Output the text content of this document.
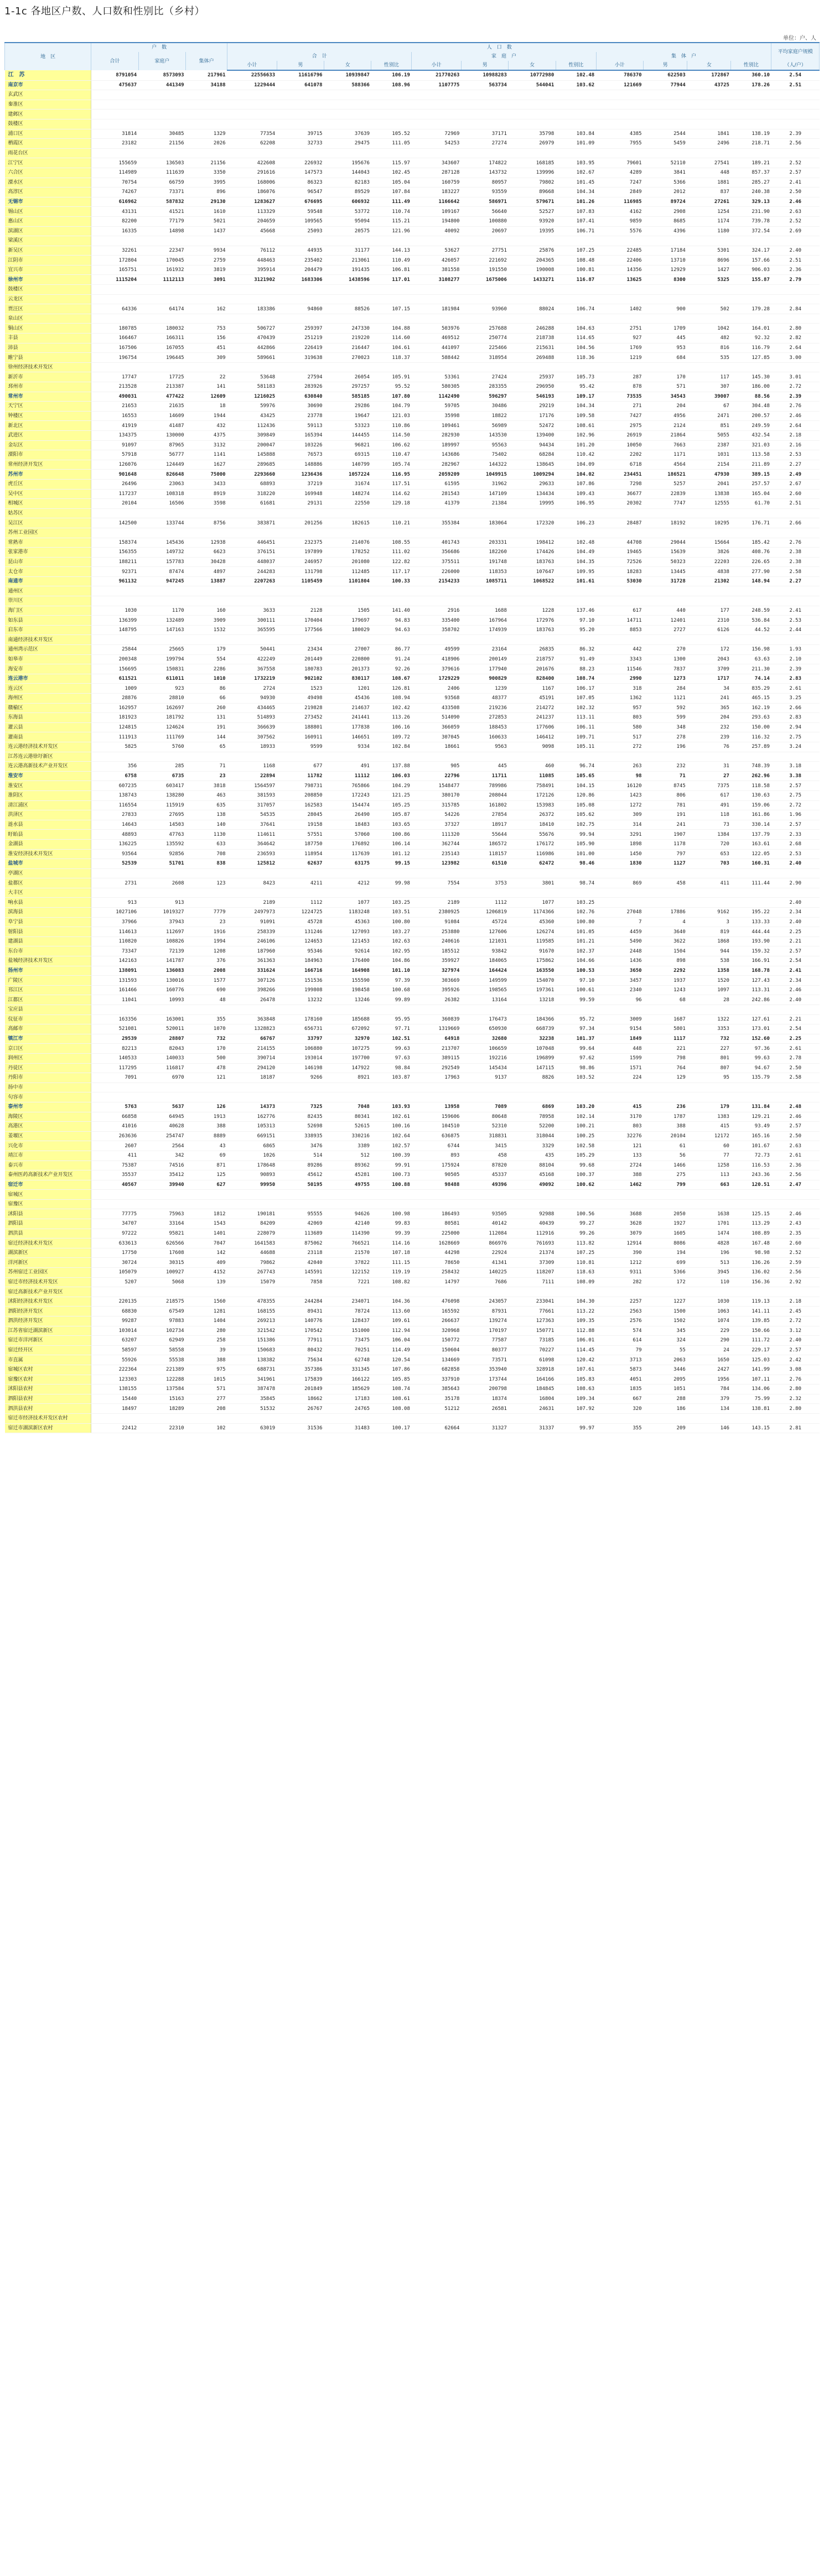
1-1c 各地区户数、人口数和性别比（乡村）
单位：户、人
地　区	户　数			人　口　数												平均家庭户规模
	合计	家庭户	集体户	合　计				家　庭　户				集　体　户				
				小计	男	女	性别比	小计	男	女	性别比	小计	男	女	性别比	（人/户）
江　苏	8791054	8573093	217961	22556633	11616796	10939847	106.19	21770263	10988283	10772980	102.48	786370	622503	172867	360.10	2.54
南京市	475637	441349	34188	1229444	641078	588366	108.96	1107775	563734	544041	103.62	121669	77944	43725	178.26	2.51
玄武区																
秦淮区																
建邺区																
鼓楼区																
浦口区	31814	30485	1329	77354	39715	37639	105.52	72969	37171	35798	103.84	4385	2544	1841	138.19	2.39
栖霞区	23182	21156	2026	62208	32733	29475	111.05	54253	27274	26979	101.09	7955	5459	2496	218.71	2.56
雨花台区																
江宁区	155659	136503	21156	422608	226932	195676	115.97	343607	174822	168185	103.95	79601	52110	27541	189.21	2.52
六合区	114989	111639	3350	291616	147573	144043	102.45	287128	143732	139996	102.67	4289	3841	448	857.37	2.57
溧水区	70754	66759	3995	168006	86323	82183	105.04	160759	80957	79802	101.45	7247	5366	1881	285.27	2.41
高淳区	74267	73371	896	186076	96547	89529	107.84	183227	93559	89668	104.34	2849	2012	837	240.38	2.50
无锡市	616962	587832	29130	1283627	676695	606932	111.49	1166642	586971	579671	101.26	116985	89724	27261	329.13	2.46
锡山区	43131	41521	1610	113329	59548	53772	110.74	109167	56640	52527	107.83	4162	2908	1254	231.90	2.63
惠山区	82200	77179	5021	204659	109565	95094	115.21	194800	100880	93920	107.41	9859	8685	1174	739.78	2.52
滨湖区	16335	14898	1437	45668	25093	20575	121.96	40092	20697	19395	106.71	5576	4396	1180	372.54	2.69
梁溪区																
新吴区	32261	22347	9934	76112	44935	31177	144.13	53627	27751	25876	107.25	22485	17184	5301	324.17	2.40
江阴市	172804	170045	2759	448463	235402	213061	110.49	426057	221692	204365	108.48	22406	13710	8696	157.66	2.51
宜兴市	165751	161932	3819	395914	204479	191435	106.81	381558	191550	190008	100.81	14356	12929	1427	906.03	2.36
徐州市	1115204	1112113	3091	3121902	1683306	1438596	117.01	3108277	1675006	1433271	116.87	13625	8300	5325	155.87	2.79
鼓楼区																
云龙区																
贾汪区	64336	64174	162	183386	94860	88526	107.15	181984	93960	88024	106.74	1402	900	502	179.28	2.84
泉山区																
铜山区	180785	180032	753	506727	259397	247330	104.88	503976	257688	246288	104.63	2751	1709	1042	164.01	2.80
丰县	166467	166311	156	470439	251219	219220	114.60	469512	250774	218738	114.65	927	445	482	92.32	2.82
沛县	167506	167055	451	442866	226419	216447	104.61	441097	225466	215631	104.56	1769	953	816	116.79	2.64
睢宁县	196754	196445	309	589661	319638	270023	118.37	588442	318954	269488	118.36	1219	684	535	127.85	3.00
徐州经济技术开发区																
新沂市	17747	17725	22	53648	27594	26054	105.91	53361	27424	25937	105.73	287	170	117	145.30	3.01
邳州市	213528	213387	141	581183	283926	297257	95.52	580305	283355	296950	95.42	878	571	307	186.00	2.72
常州市	490031	477422	12609	1216025	630840	585185	107.80	1142490	596297	546193	109.17	73535	34543	39007	88.56	2.39
天宁区	21653	21635	18	59976	30690	29286	104.79	59705	30486	29219	104.34	271	204	67	304.48	2.76
钟楼区	16553	14609	1944	43425	23778	19647	121.03	35998	18822	17176	109.58	7427	4956	2471	200.57	2.46
新北区	41919	41487	432	112436	59113	53323	110.86	109461	56989	52472	108.61	2975	2124	851	249.59	2.64
武进区	134375	130000	4375	309849	165394	144455	114.50	282930	143530	139400	102.96	26919	21864	5055	432.54	2.18
金坛区	91097	87965	3132	200047	103226	96821	106.62	189997	95563	94434	101.20	10050	7663	2387	321.03	2.16
溧阳市	57918	56777	1141	145888	76573	69315	110.47	143686	75402	68284	110.42	2202	1171	1031	113.58	2.53
常州经济开发区	126076	124449	1627	289685	148886	140799	105.74	282967	144322	138645	104.09	6718	4564	2154	211.89	2.27
苏州市	901648	826648	75000	2293660	1236436	1057224	116.95	2059209	1049915	1009294	104.02	234451	186521	47930	389.15	2.49
虎丘区	26496	23063	3433	68893	37219	31674	117.51	61595	31962	29633	107.86	7298	5257	2041	257.57	2.67
吴中区	117237	108318	8919	318220	169948	148274	114.62	281543	147109	134434	109.43	36677	22839	13838	165.04	2.60
相城区	20104	16506	3598	61681	29131	22550	129.18	41379	21384	19995	106.95	20302	7747	12555	61.70	2.51
姑苏区																
吴江区	142500	133744	8756	383871	201256	182615	110.21	355384	183064	172320	106.23	28487	18192	10295	176.71	2.66
苏州工业园区																
常熟市	158374	145436	12938	446451	232375	214076	108.55	401743	203331	198412	102.48	44708	29044	15664	185.42	2.76
张家港市	156355	149732	6623	376151	197899	178252	111.02	356686	182260	174426	104.49	19465	15639	3826	408.76	2.38
昆山市	188211	157783	30428	448037	246957	201080	122.82	375511	191748	183763	104.35	72526	50323	22203	226.65	2.38
太仓市	92371	87474	4897	244283	131798	112485	117.17	226000	118353	107647	109.95	18283	13445	4838	277.90	2.58
南通市	961132	947245	13887	2207263	1105459	1101804	100.33	2154233	1085711	1068522	101.61	53030	31728	21302	148.94	2.27
通州区																
崇川区																
海门区	1030	1170	160	3633	2128	1505	141.40	2916	1688	1228	137.46	617	440	177	248.59	2.41
如东县	136399	132489	3909	300111	170404	179697	94.83	335400	167964	172976	97.10	14711	12401	2310	536.84	2.53
启东市	148795	147163	1532	365595	177566	180029	94.63	358702	174939	183763	95.20	8853	2727	6126	44.52	2.44
南通经济技术开发区																
通州湾示范区	25844	25665	179	50441	23434	27007	86.77	49599	23164	26835	86.32	442	270	172	156.98	1.93
如皋市	200348	199794	554	422249	201449	220800	91.24	418906	200149	218757	91.49	3343	1300	2043	63.63	2.10
海安市	156695	150831	2286	367558	180783	201373	92.26	379616	177940	201676	88.23	11546	7837	3709	211.30	2.39
连云港市	611521	611011	1010	1732219	902102	830117	108.67	1729229	900829	828400	108.74	2990	1273	1717	74.14	2.83
连云区	1009	923	86	2724	1523	1201	126.81	2406	1239	1167	106.17	318	284	34	835.29	2.61
海州区	28876	28810	66	94930	49498	45436	108.94	93568	48377	45191	107.05	1362	1121	241	465.15	3.25
赣榆区	162957	162697	260	434465	219828	214637	102.42	433508	219236	214272	102.32	957	592	365	162.19	2.66
东海县	181923	181792	131	514893	273452	241441	113.26	514090	272853	241237	113.11	803	599	204	293.63	2.83
灌云县	124815	124624	191	366639	188801	177838	106.16	366059	188453	177606	106.11	580	348	232	150.00	2.94
灌南县	111913	111769	144	307562	160911	146651	109.72	307045	160633	146412	109.71	517	278	239	116.32	2.75
连云港经济技术开发区	5825	5760	65	18933	9599	9334	102.84	18661	9563	9098	105.11	272	196	76	257.89	3.24
江苏连云港徐圩新区																
连云港高新技术产业开发区	356	285	71	1168	677	491	137.88	905	445	460	96.74	263	232	31	748.39	3.18
淮安市	6758	6735	23	22894	11782	11112	106.03	22796	11711	11085	105.65	98	71	27	262.96	3.38
淮安区	607235	603417	3818	1564597	798731	765866	104.29	1548477	789986	758491	104.15	16120	8745	7375	118.58	2.57
淮阴区	138743	138280	463	381593	208850	172243	121.25	380170	208044	172126	120.86	1423	806	617	130.63	2.75
清江浦区	116554	115919	635	317057	162583	154474	105.25	315785	161802	153983	105.08	1272	781	491	159.06	2.72
洪泽区	27833	27695	138	54535	28045	26490	105.87	54226	27854	26372	105.62	309	191	118	161.86	1.96
涟水县	14643	14503	140	37641	19158	18483	103.65	37327	18917	18410	102.75	314	241	73	330.14	2.57
盱眙县	48893	47763	1130	114611	57551	57060	100.86	111320	55644	55676	99.94	3291	1907	1384	137.79	2.33
金湖县	136225	135592	633	364642	187750	176892	106.14	362744	186572	176172	105.90	1898	1178	720	163.61	2.68
淮安经济技术开发区	93564	92856	708	236593	118954	117639	101.12	235143	118157	116986	101.00	1450	797	653	122.05	2.53
盐城市	52539	51701	838	125812	62637	63175	99.15	123982	61510	62472	98.46	1830	1127	703	160.31	2.40
亭湖区																
盐都区	2731	2608	123	8423	4211	4212	99.98	7554	3753	3801	98.74	869	458	411	111.44	2.90
大丰区																
响水县	913	913		2189	1112	1077	103.25	2189	1112	1077	103.25					2.40
滨海县	1027106	1019327	7779	2497973	1224725	1183248	103.51	2380925	1206819	1174366	102.76	27048	17886	9162	195.22	2.34
阜宁县	37966	37943	23	91091	45728	45363	100.80	91084	45724	45360	100.80	7	4	3	133.33	2.40
射阳县	114613	112697	1916	258339	131246	127093	103.27	253880	127606	126274	101.05	4459	3640	819	444.44	2.25
建湖县	110820	108826	1994	246106	124653	121453	102.63	240616	121031	119585	101.21	5490	3622	1868	193.90	2.21
东台市	73347	72139	1208	187960	95346	92614	102.95	185512	93842	91670	102.37	2448	1504	944	159.32	2.57
盐城经济技术开发区	142163	141787	376	361363	184963	176400	104.86	359927	184065	175862	104.66	1436	898	538	166.91	2.54
扬州市	138091	136083	2008	331624	166716	164908	101.10	327974	164424	163550	100.53	3650	2292	1358	168.78	2.41
广陵区	131593	130016	1577	307126	151536	155590	97.39	303669	149599	154070	97.10	3457	1937	1520	127.43	2.34
邗江区	161466	160776	690	398266	199808	198458	100.68	395926	198565	197361	100.61	2340	1243	1097	113.31	2.46
江都区	11041	10993	48	26478	13232	13246	99.89	26382	13164	13218	99.59	96	68	28	242.86	2.40
宝应县																
仪征市	163356	163001	355	363848	178160	185688	95.95	360839	176473	184366	95.72	3009	1687	1322	127.61	2.21
高邮市	521081	520011	1070	1328823	656731	672092	97.71	1319669	650930	668739	97.34	9154	5801	3353	173.01	2.54
镇江市	29539	28807	732	66767	33797	32970	102.51	64918	32680	32238	101.37	1849	1117	732	152.60	2.25
京口区	82213	82043	170	214155	106880	107275	99.63	213707	106659	107048	99.64	448	221	227	97.36	2.61
润州区	140533	140033	500	390714	193014	197700	97.63	389115	192216	196899	97.62	1599	798	801	99.63	2.78
丹徒区	117295	116817	478	294120	146198	147922	98.84	292549	145434	147115	98.86	1571	764	807	94.67	2.50
丹阳市	7091	6970	121	18187	9266	8921	103.87	17963	9137	8826	103.52	224	129	95	135.79	2.58
扬中市																
句容市																
泰州市	5763	5637	126	14373	7325	7048	103.93	13958	7089	6869	103.20	415	236	179	131.84	2.48
海陵区	66858	64945	1913	162776	82435	80341	102.61	159606	80648	78958	102.14	3170	1787	1383	129.21	2.46
高港区	41016	40628	388	105313	52698	52615	100.16	104510	52310	52200	100.21	803	388	415	93.49	2.57
姜堰区	263636	254747	8889	669151	338935	330216	102.64	636875	318831	318044	100.25	32276	20104	12172	165.16	2.50
兴化市	2607	2564	43	6865	3476	3389	102.57	6744	3415	3329	102.58	121	61	60	101.67	2.63
靖江市	411	342	69	1026	514	512	100.39	893	458	435	105.29	133	56	77	72.73	2.61
泰兴市	75387	74516	871	178648	89286	89362	99.91	175924	87820	88104	99.68	2724	1466	1258	116.53	2.36
泰州医药高新技术产业开发区	35537	35412	125	90893	45612	45281	100.73	90505	45337	45168	100.37	388	275	113	243.36	2.56
宿迁市	40567	39940	627	99950	50195	49755	100.88	98488	49396	49092	100.62	1462	799	663	120.51	2.47
宿城区																
宿豫区																
沭阳县	77775	75963	1812	190181	95555	94626	100.98	186493	93505	92988	100.56	3688	2050	1638	125.15	2.46
泗阳县	34707	33164	1543	84209	42069	42140	99.83	80581	40142	40439	99.27	3628	1927	1701	113.29	2.43
泗洪县	97222	95821	1401	228079	113689	114390	99.39	225000	112084	112916	99.26	3079	1605	1474	108.89	2.35
宿迁经济技术开发区	633613	626566	7047	1641583	875062	766521	114.16	1628669	866976	761693	113.82	12914	8086	4828	167.48	2.60
湖滨新区	17750	17608	142	44688	23118	21570	107.18	44298	22924	21374	107.25	390	194	196	98.98	2.52
洋河新区	30724	30315	409	79862	42040	37822	111.15	78650	41341	37309	110.81	1212	699	513	136.26	2.59
苏州宿迁工业园区	105079	100927	4152	267743	145591	122152	119.19	258432	140225	118207	118.63	9311	5366	3945	136.02	2.56
宿迁市经济技术开发区	5207	5068	139	15079	7858	7221	108.82	14797	7686	7111	108.09	282	172	110	156.36	2.92
宿迁高新技术产业开发区																
沭阳经济技术开发区	220135	218575	1560	478355	244284	234071	104.36	476098	243057	233041	104.30	2257	1227	1030	119.13	2.18
泗阳经济开发区	68830	67549	1281	168155	89431	78724	113.60	165592	87931	77661	113.22	2563	1500	1063	141.11	2.45
泗洪经济开发区	99287	97883	1404	269213	140776	128437	109.61	266637	139274	127363	109.35	2576	1502	1074	139.85	2.72
江苏省宿迁湖滨新区	103014	102734	280	321542	170542	151000	112.94	320968	170197	150771	112.88	574	345	229	150.66	3.12
宿迁市洋河新区	63207	62949	258	151386	77911	73475	106.04	150772	77587	73185	106.01	614	324	290	111.72	2.40
宿迁经开区	58597	58558	39	150683	80432	70251	114.49	150604	80377	70227	114.45	79	55	24	229.17	2.57
市直属	55926	55538	388	138382	75634	62748	120.54	134669	73571	61098	120.42	3713	2063	1650	125.03	2.42
宿城区农村	222364	221389	975	688731	357386	331345	107.86	682858	353940	328918	107.61	5873	3446	2427	141.99	3.08
宿豫区农村	123303	122288	1015	341961	175839	166122	105.85	337910	173744	164166	105.83	4051	2095	1956	107.11	2.76
沭阳县农村	138155	137584	571	387478	201849	185629	108.74	385643	200798	184845	108.63	1835	1051	784	134.06	2.80
泗阳县农村	15440	15163	277	35845	18662	17183	108.61	35178	18374	16804	109.34	667	288	379	75.99	2.32
泗洪县农村	18497	18289	208	51532	26767	24765	108.08	51212	26581	24631	107.92	320	186	134	138.81	2.80
宿迁市经济技术开发区农村																
宿迁市湖滨新区农村	22412	22310	102	63019	31536	31483	100.17	62664	31327	31337	99.97	355	209	146	143.15	2.81
